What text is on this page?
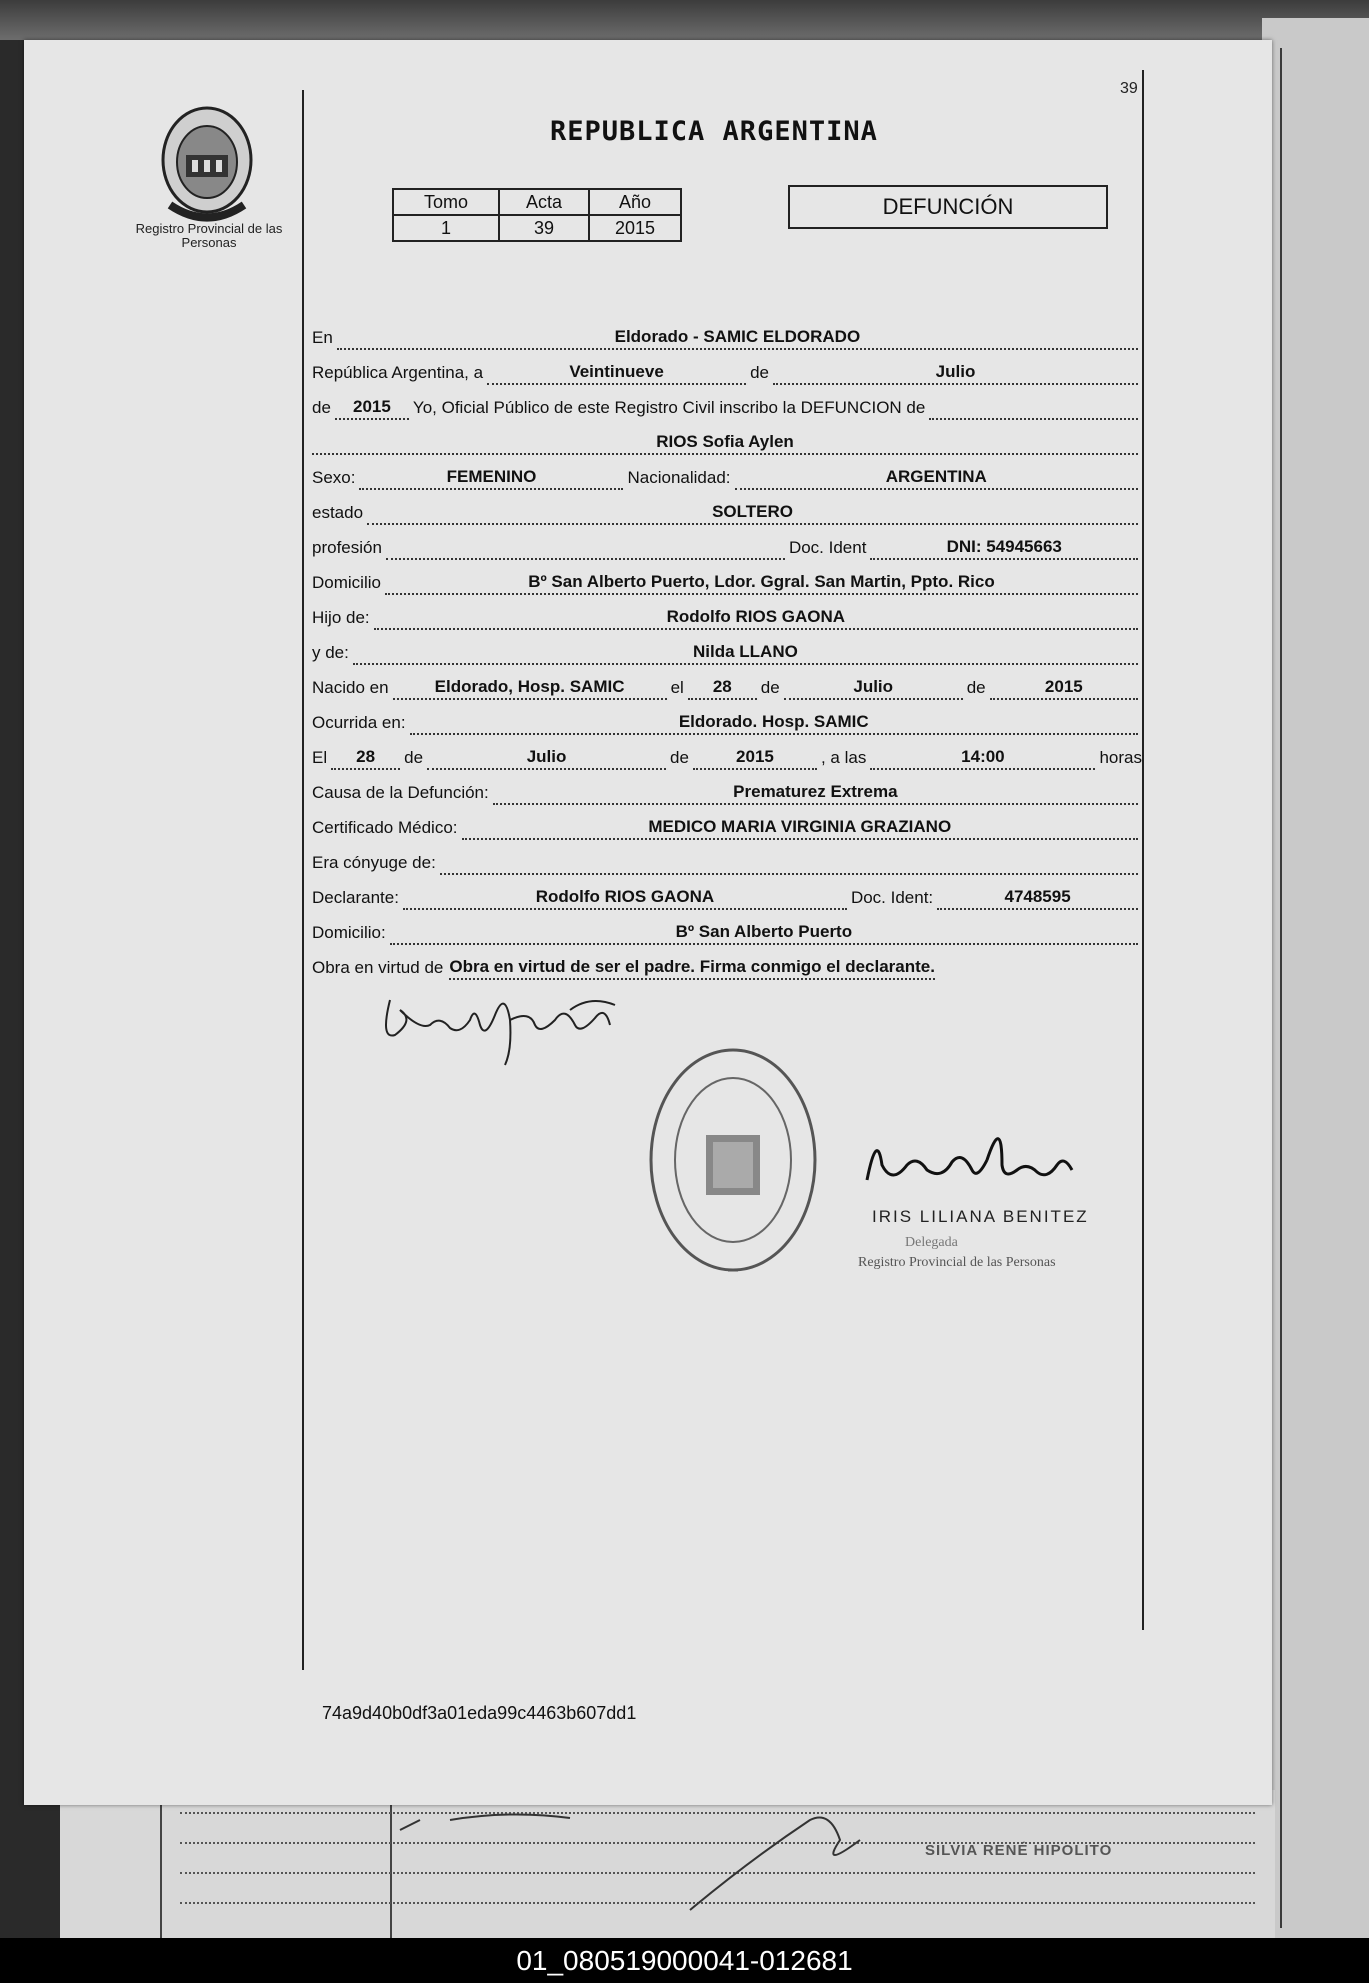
SILVIA RENÉ HIPOLITO
Registro Provincial de las Personas
39
REPUBLICA ARGENTINA
Tomo	Acta	Año
1	39	2015
DEFUNCIÓN
En	Eldorado - SAMIC ELDORADO
República Argentina, a	Veintinueve	de	Julio
de	2015	Yo, Oficial Público de este Registro Civil inscribo la DEFUNCION de
RIOS Sofia Aylen
Sexo:	FEMENINO	Nacionalidad:	ARGENTINA
estado	SOLTERO
profesión	Doc. Ident	DNI: 54945663
Domicilio	Bº San Alberto Puerto, Ldor. Ggral. San Martin, Ppto. Rico
Hijo de:	Rodolfo RIOS GAONA
y de:	Nilda LLANO
Nacido en	Eldorado, Hosp. SAMIC	el	28	de	Julio	de	2015
Ocurrida en:	Eldorado. Hosp. SAMIC
El	28	de	Julio	de	2015	, a las	14:00	horas
Causa de la Defunción:	Prematurez Extrema
Certificado Médico:	MEDICO MARIA VIRGINIA GRAZIANO
Era cónyuge de:
Declarante:	Rodolfo RIOS GAONA	Doc. Ident:	4748595
Domicilio:	Bº San Alberto Puerto
Obra en virtud de Obra en virtud de ser el padre. Firma conmigo el declarante.
IRIS LILIANA BENITEZ
Delegada
Registro Provincial de las Personas
74a9d40b0df3a01eda99c4463b607dd1
01_080519000041-012681
